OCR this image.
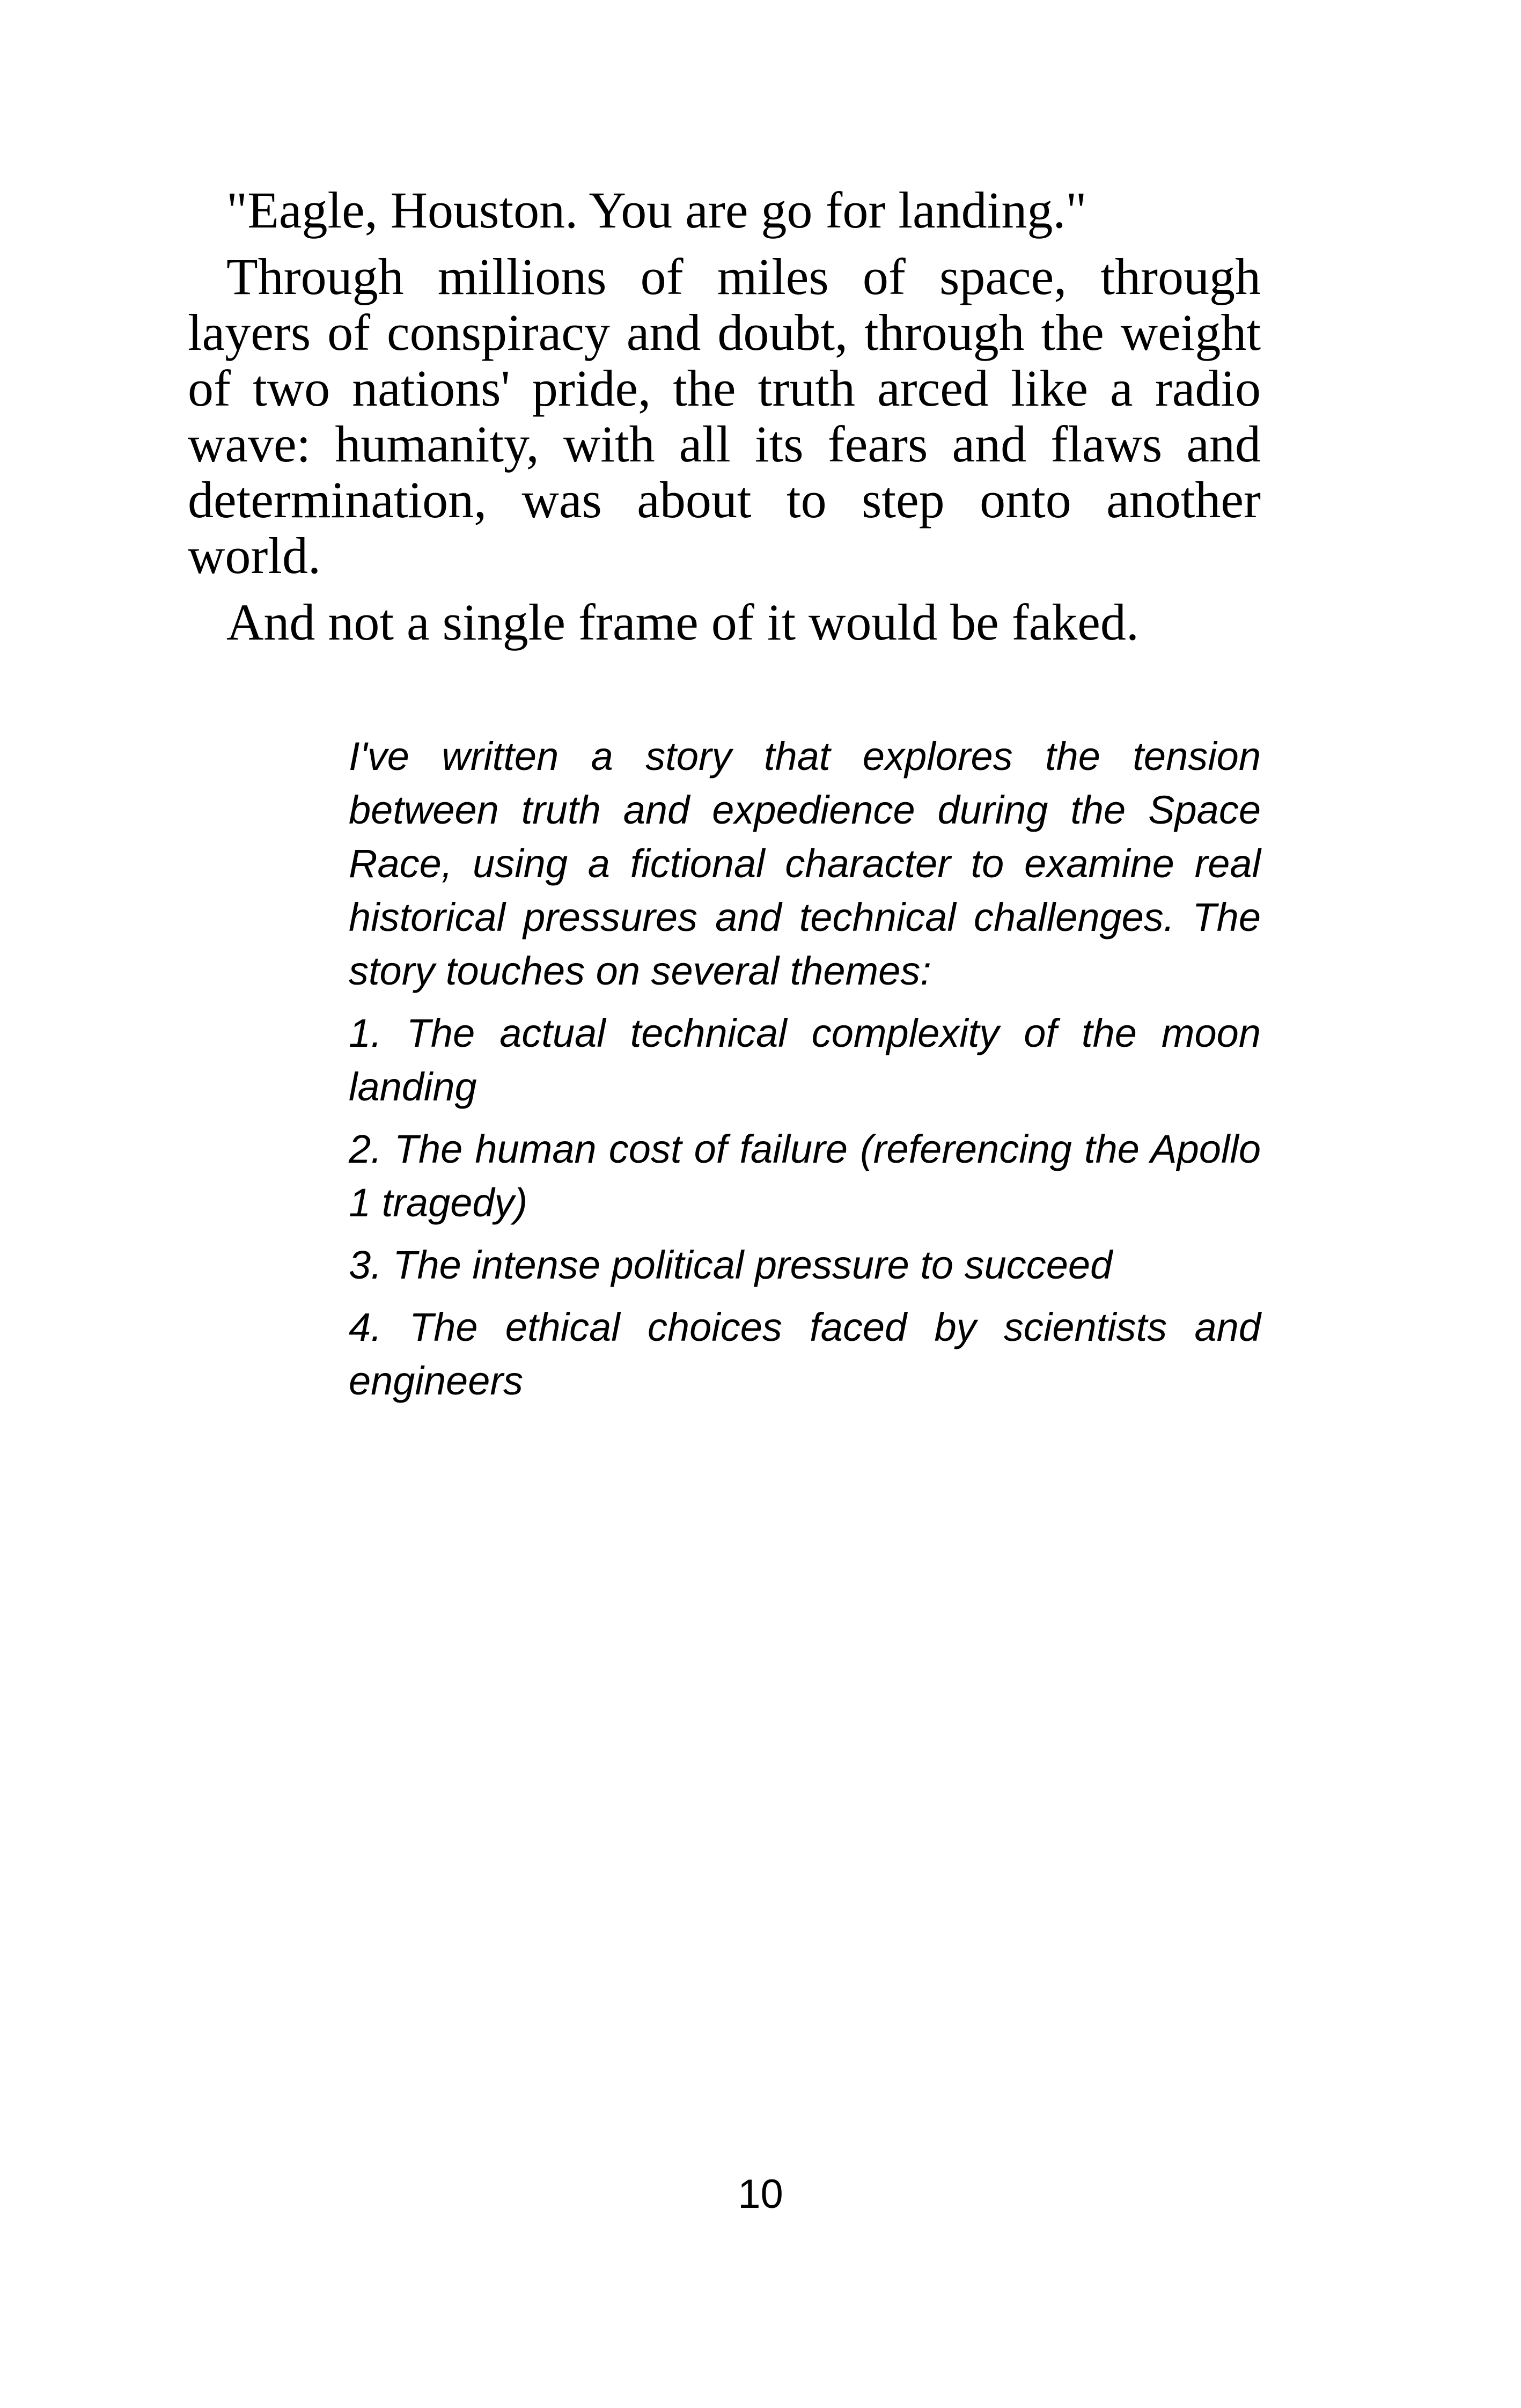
"Eagle, Houston. You are go for landing."

Through millions of miles of space, through layers of conspiracy and doubt, through the weight of two nations' pride, the truth arced like a radio wave: humanity, with all its fears and flaws and determination, was about to step onto another world.

And not a single frame of it would be faked.

I've written a story that explores the tension between truth and expedience during the Space Race, using a fictional character to examine real historical pressures and technical challenges. The story touches on several themes:

1. The actual technical complexity of the moon landing

2. The human cost of failure (referencing the Apollo 1 tragedy)

3. The intense political pressure to succeed

4. The ethical choices faced by scientists and engineers

10
